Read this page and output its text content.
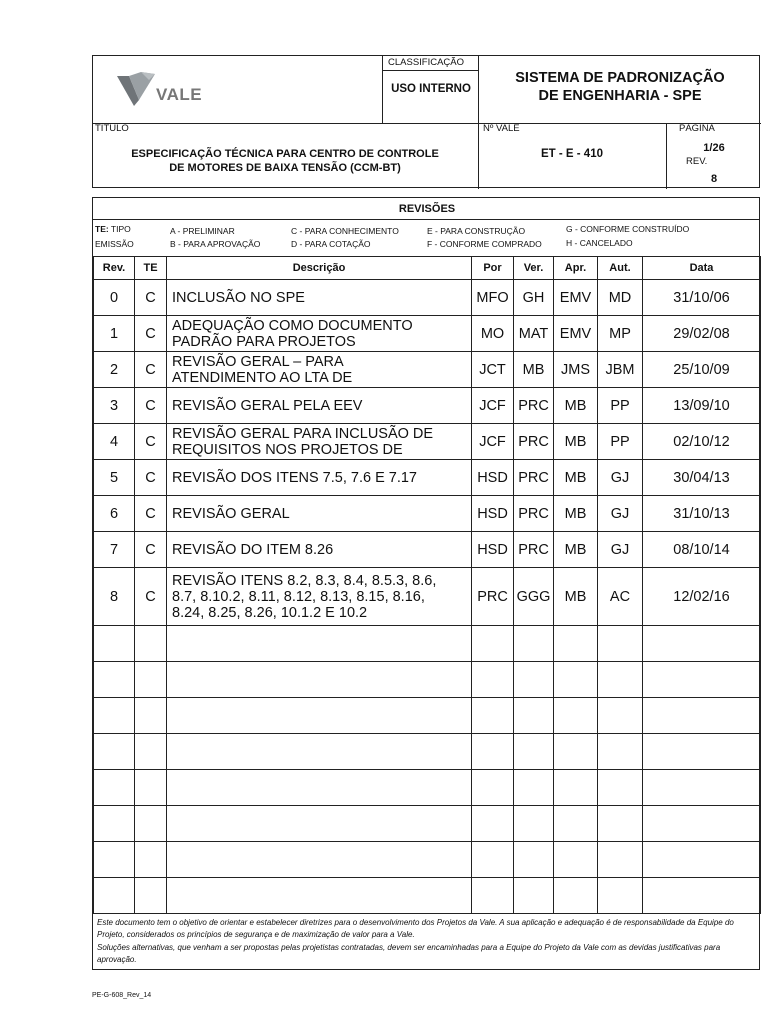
VALE
CLASSIFICAÇÃO
USO INTERNO
SISTEMA DE PADRONIZAÇÃO
DE ENGENHARIA - SPE
TÍTULO
ESPECIFICAÇÃO TÉCNICA PARA CENTRO DE CONTROLE
DE MOTORES DE BAIXA TENSÃO (CCM-BT)
Nº VALE
ET - E - 410
PÁGINA
1/26
REV.
8
REVISÕES
TE: TIPO
EMISSÃO
A - PRELIMINAR
B - PARA APROVAÇÃO
C - PARA CONHECIMENTO
D - PARA COTAÇÃO
E - PARA CONSTRUÇÃO
F - CONFORME COMPRADO
G - CONFORME CONSTRUÍDO
H - CANCELADO
Rev.	TE	Descrição	Por	Ver.	Apr.	Aut.	Data
0	C	INCLUSÃO NO SPE	MFO	GH	EMV	MD	31/10/06
1	C	ADEQUAÇÃO COMO DOCUMENTO
PADRÃO PARA PROJETOS	MO	MAT	EMV	MP	29/02/08
2	C	REVISÃO GERAL – PARA
ATENDIMENTO AO LTA DE	JCT	MB	JMS	JBM	25/10/09
3	C	REVISÃO GERAL PELA EEV	JCF	PRC	MB	PP	13/09/10
4	C	REVISÃO GERAL PARA INCLUSÃO DE
REQUISITOS NOS PROJETOS DE	JCF	PRC	MB	PP	02/10/12
5	C	REVISÃO DOS ITENS 7.5, 7.6 E 7.17	HSD	PRC	MB	GJ	30/04/13
6	C	REVISÃO GERAL	HSD	PRC	MB	GJ	31/10/13
7	C	REVISÃO DO ITEM 8.26	HSD	PRC	MB	GJ	08/10/14
8	C	REVISÃO ITENS 8.2, 8.3, 8.4, 8.5.3, 8.6,
8.7, 8.10.2, 8.11, 8.12, 8.13, 8.15, 8.16,
8.24, 8.25, 8.26, 10.1.2 E 10.2	PRC	GGG	MB	AC	12/02/16

Este documento tem o objetivo de orientar e estabelecer diretrizes para o desenvolvimento dos Projetos da Vale. A sua aplicação e adequação é de responsabilidade da Equipe do Projeto, considerados os princípios de segurança e de maximização de valor para a Vale.

Soluções alternativas, que venham a ser propostas pelas projetistas contratadas, devem ser encaminhadas para a Equipe do Projeto da Vale com as devidas justificativas para aprovação.

PE-G-608_Rev_14
